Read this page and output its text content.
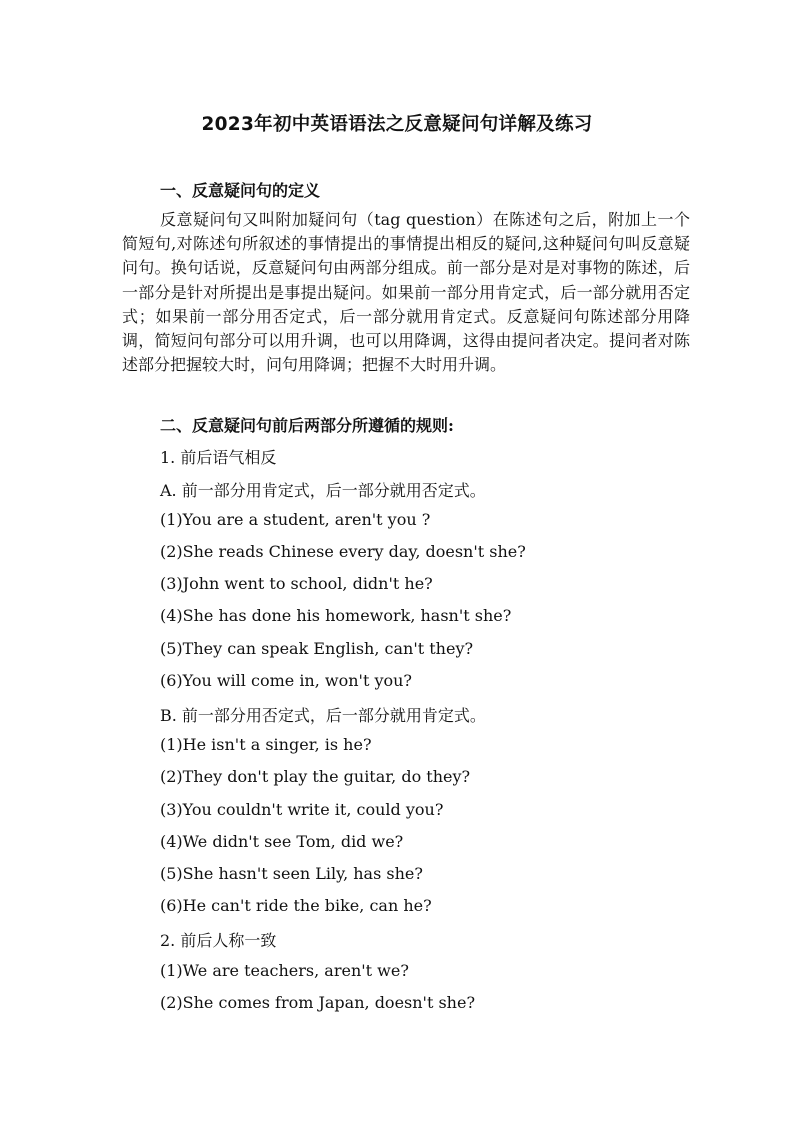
2023年初中英语语法之反意疑问句详解及练习
一、反意疑问句的定义

反意疑问句又叫附加疑问句（tag question）在陈述句之后，附加上一个简短句,对陈述句所叙述的事情提出的事情提出相反的疑问,这种疑问句叫反意疑问句。换句话说，反意疑问句由两部分组成。前一部分是对是对事物的陈述，后一部分是针对所提出是事提出疑问。如果前一部分用肯定式，后一部分就用否定式；如果前一部分用否定式，后一部分就用肯定式。反意疑问句陈述部分用降调，简短问句部分可以用升调，也可以用降调，这得由提问者决定。提问者对陈述部分把握较大时，问句用降调；把握不大时用升调。

二、反意疑问句前后两部分所遵循的规则:

1. 前后语气相反

A. 前一部分用肯定式，后一部分就用否定式。

(1)You are a student, aren't you ?

(2)She reads Chinese every day, doesn't she?

(3)John went to school, didn't he?

(4)She has done his homework, hasn't she?

(5)They can speak English, can't they?

(6)You will come in, won't you?

B. 前一部分用否定式，后一部分就用肯定式。

(1)He isn't a singer, is he?

(2)They don't play the guitar, do they?

(3)You couldn't write it, could you?

(4)We didn't see Tom, did we?

(5)She hasn't seen Lily, has she?

(6)He can't ride the bike, can he?

2. 前后人称一致

(1)We are teachers, aren't we?

(2)She comes from Japan, doesn't she?
